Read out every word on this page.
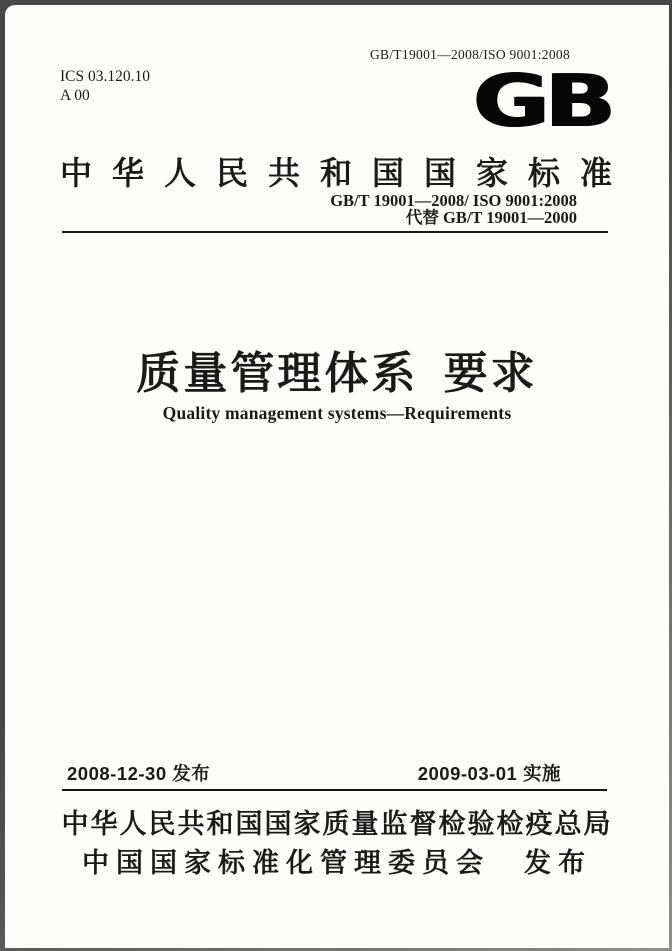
GB/T19001—2008/ISO 9001:2008
ICS 03.120.10
A 00	GB
中华人民共和国国家标准
GB/T 19001—2008/ ISO 9001:2008
代替 GB/T 19001—2000
质量管理体系 要求
Quality management systems—Requirements
2008-12-30 发布	2009-03-01 实施
中华人民共和国国家质量监督检验检疫总局
中国国家标准化管理委员会　发布
